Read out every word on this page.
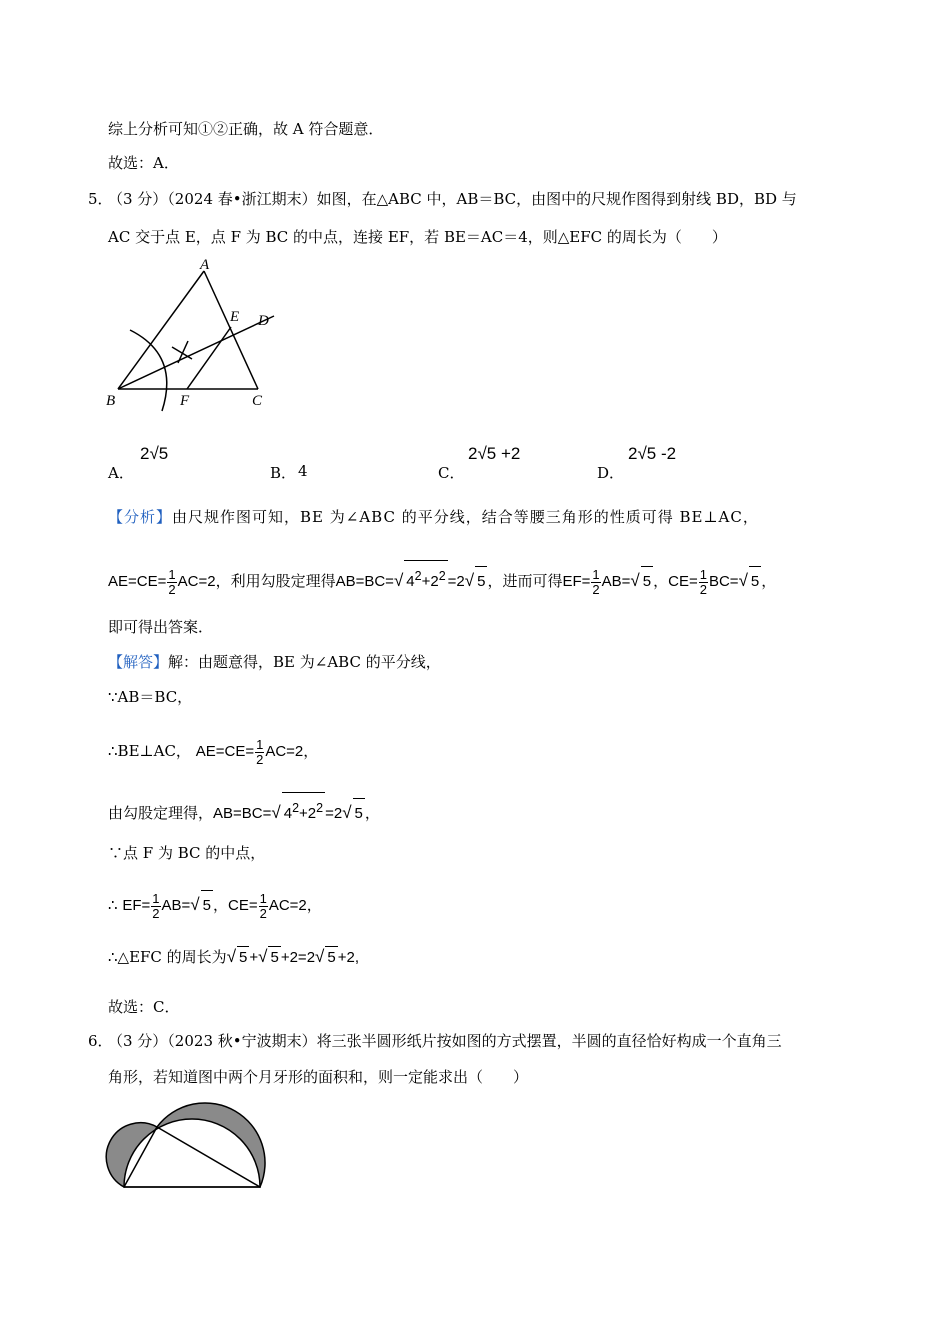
综上分析可知①②正确，故 A 符合题意．
故选：A．
5．
（3 分）（2024 春•浙江期末）如图，在△ABC 中，AB＝BC，由图中的尺规作图得到射线 BD，BD 与
AC 交于点 E，点 F 为 BC 的中点，连接 EF，若 BE＝AC＝4，则△EFC 的周长为（　　）
A
B	C
D
E
F
A．
2√5
B． 4	C．
2√5 +2
D．
2√5 -2
【分析】由尺规作图可知，BE 为∠ABC 的平分线，结合等腰三角形的性质可得 BE⊥AC，
$AE=CE= \frac{1}{2} AC=2$，利用勾股定理得AB=BC=√ $4^2+2^2 =2√$ 5 ，进而可得$EF= \frac{1}{2} AB=√$ 5 ，$CE= \frac{1}{2} BC=√$ 5 ，
即可得出答案．
【解答】解：由题意得，BE 为∠ABC 的平分线，
∵AB＝BC，
∴BE⊥AC， $AE=CE= \frac{1}{2} AC=2$，
由勾股定理得，AB=BC=√ $4^2+2^2 =2√$ 5 ，
∵点 F 为 BC 的中点，
∴ $EF= \frac{1}{2} AB=√$ 5 ，$CE= \frac{1}{2} AC=2$，
∴△EFC 的周长为√ 5 +√ 5 +2=2√ 5 +2,
故选：C．
6．
（3 分）（2023 秋•宁波期末）将三张半圆形纸片按如图的方式摆置，半圆的直径恰好构成一个直角三
角形，若知道图中两个月牙形的面积和，则一定能求出（　　）
